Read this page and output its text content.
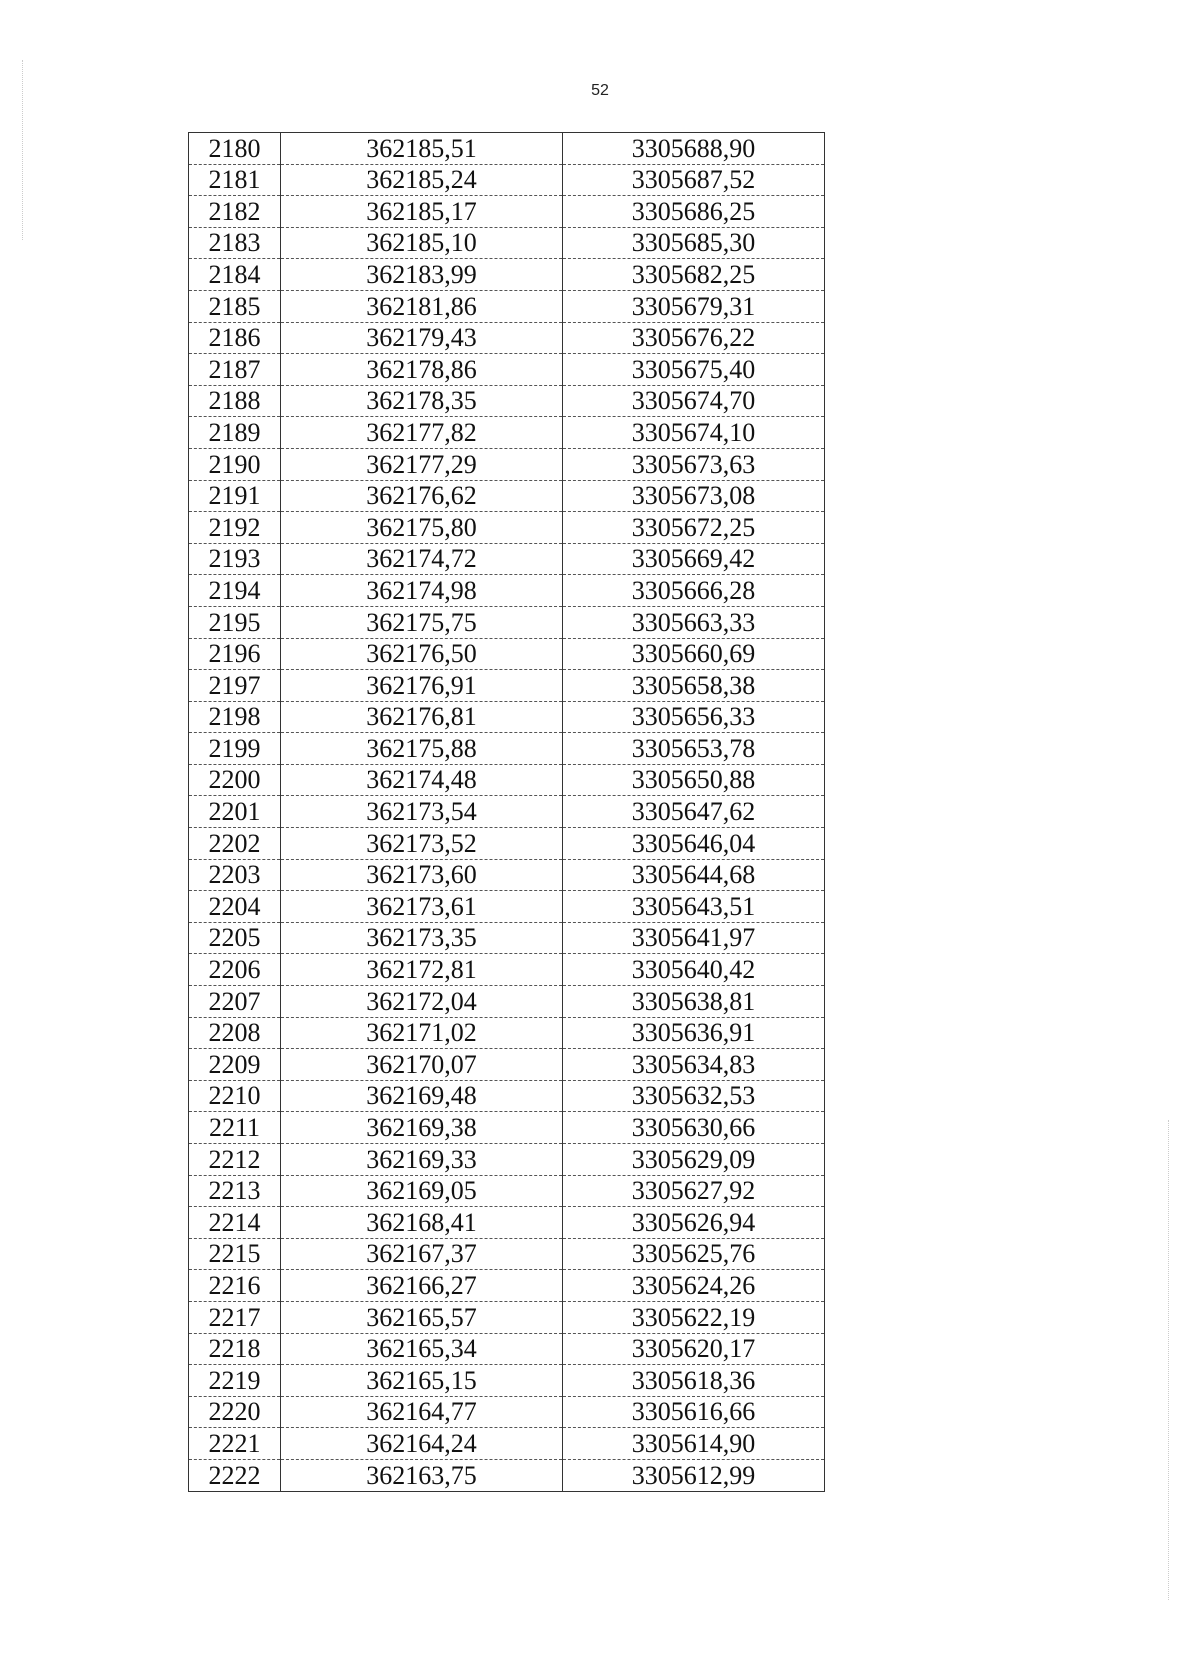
52
2180	362185,51	3305688,90
2181	362185,24	3305687,52
2182	362185,17	3305686,25
2183	362185,10	3305685,30
2184	362183,99	3305682,25
2185	362181,86	3305679,31
2186	362179,43	3305676,22
2187	362178,86	3305675,40
2188	362178,35	3305674,70
2189	362177,82	3305674,10
2190	362177,29	3305673,63
2191	362176,62	3305673,08
2192	362175,80	3305672,25
2193	362174,72	3305669,42
2194	362174,98	3305666,28
2195	362175,75	3305663,33
2196	362176,50	3305660,69
2197	362176,91	3305658,38
2198	362176,81	3305656,33
2199	362175,88	3305653,78
2200	362174,48	3305650,88
2201	362173,54	3305647,62
2202	362173,52	3305646,04
2203	362173,60	3305644,68
2204	362173,61	3305643,51
2205	362173,35	3305641,97
2206	362172,81	3305640,42
2207	362172,04	3305638,81
2208	362171,02	3305636,91
2209	362170,07	3305634,83
2210	362169,48	3305632,53
2211	362169,38	3305630,66
2212	362169,33	3305629,09
2213	362169,05	3305627,92
2214	362168,41	3305626,94
2215	362167,37	3305625,76
2216	362166,27	3305624,26
2217	362165,57	3305622,19
2218	362165,34	3305620,17
2219	362165,15	3305618,36
2220	362164,77	3305616,66
2221	362164,24	3305614,90
2222	362163,75	3305612,99
